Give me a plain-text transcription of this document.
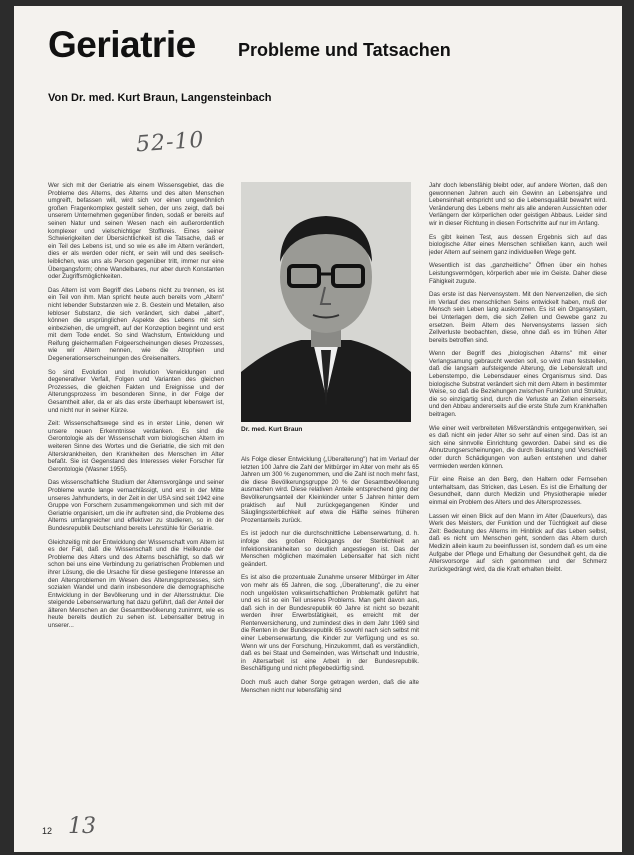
Geriatrie Probleme und Tatsachen
Von Dr. med. Kurt Braun, Langensteinbach
52-10

Wer sich mit der Geriatrie als einem Wissensgebiet, das die Probleme des Alterns, des Alterns und des alten Menschen umgreift, befassen will, wird sich vor einen ungewöhnlich großen Fragenkomplex gestellt sehen, der uns zeigt, daß bei unserem Unternehmen gegenüber finden, sodaß er bereits auf seinen Natur und seinen Wesen nach ein außerordentlich komplexer und vielschichtiger Stoffkreis. Eines seiner Schwierigkeiten der Übersichtlichkeit ist die Tatsache, daß er ein Teil des Lebens ist, und so wie es alle im Altern verändert, dies er als werden oder nicht, er sein will und des seelisch-leiblichen, was uns als Person gegenüber tritt, immer nur eine Übergangsform; ohne Wandelbares, nur aber durch Konstanten oder Zugriffsmöglichkeiten.

Das Altern ist vom Begriff des Lebens nicht zu trennen, es ist ein Teil von ihm. Man spricht heute auch bereits vom „Altern" nicht lebender Substanzen wie z. B. Gestein und Metallen, also lebloser Substanz, die sich verändert, sich dabei „altert", können die ursprünglichen Aspekte des Lebens mit sich einbeziehen, die umgreift, auf der Konzeption beginnt und erst mit dem Tode endet. So sind Wachstum, Entwicklung und Reifung gleichermaßen Folgeerscheinungen dieses Prozesses, wie wir Altern nennen, wie die Atrophien und Degenerationserscheinungen des Greisenalters.

So sind Evolution und Involution Verwicklungen und degenerativer Verfall, Folgen und Varianten des gleichen Prozesses, die gleichen Fakten und Ereignisse und der Alterungsprozess im besonderen Sinne, in der Folge der Gesamtheit aller, da er als das erste überhaupt lebenswert ist, und nicht nur in seiner Kürze.

Zeit: Wissenschaftswege sind es in erster Linie, denen wir unsere neuen Erkenntnisse verdanken. Es sind die Gerontologie als der Wissenschaft vom biologischen Altern im weiteren Sinne des Wortes und die Geriatrie, die sich mit den Alterskrankheiten, den Krankheiten des Menschen im Alter befaßt. Sie ist Gegenstand des Interesses vieler Forscher für Gerontologie (Wasner 1955).

Das wissenschaftliche Studium der Alternsvorgänge und seiner Probleme wurde lange vernachlässigt, und erst in der Mitte unseres Jahrhunderts, in der Zeit in der USA sind seit 1942 eine Gruppe von Forschern zusammengekommen und sich mit der Geriatrie organisiert, um die ihr auftreten sind, die Probleme des Alterns umfangreicher und effektiver zu studieren, so in der Bundesrepublik Deutschland bereits Lehrstühle für Geriatrie.

Gleichzeitig mit der Entwicklung der Wissenschaft vom Altern ist es der Fall, daß die Wissenschaft und die Heilkunde der Probleme des Alters und des Alterns beschäftigt, so daß wir schon bei uns eine Verbindung zu geriatrischen Problemen und ihrer Lösung, die die Ursache für diese gestiegene Interesse an den Altersproblemen im Wesen des Alterungsprozesses, sich sozialen Wandel und darin insbesondere die demographische Entwicklung in der Bevölkerung und in der Altersstruktur. Die steigende Lebenserwartung hat dazu geführt, daß der Anteil der älteren Menschen an der Gesamtbevölkerung zunimmt, wie es heute bereits deutlich zu sehen ist. Lebensalter betrug in unserer...

Dr. med. Kurt Braun

Als Folge dieser Entwicklung („Überalterung") hat im Verlauf der letzten 100 Jahre die Zahl der Mitbürger im Alter von mehr als 65 Jahren um 300 % zugenommen, und die Zahl ist noch mehr fast, die diese Bevölkerungsgruppe 20 % der Gesamtbevölkerung ausmachen wird. Diese relativen Anteile entsprechend ging der Bevölkerungsanteil der Kleinkinder unter 5 Jahren hinter dem praktisch auf Null zurückgegangenen Kinder und Säuglingssterblichkeit auf etwa die Hälfte seines früheren Prozentanteils zurück.

Es ist jedoch nur die durchschnittliche Lebenserwartung, d. h. infolge des großen Rückgangs der Sterblichkeit an Infektionskrankheiten so deutlich angestiegen ist. Das der Menschen möglichen maximalen Lebensalter hat sich nicht geändert.

Es ist also die prozentuale Zunahme unserer Mitbürger im Alter von mehr als 65 Jahren, die sog. „Überalterung", die zu einer noch ungelösten volkswirtschaftlichen Problematik geführt hat und es ist so ein Teil unseres Problems. Man geht davon aus, daß sich in der Bundesrepublik 60 Jahre ist nicht so bezahlt werden ihrer Erwerbstätigkeit, es erreicht mit der Rentenversicherung, und zumindest dies in dem Jahr 1969 sind die Renten in der Bundesrepublik 65 sowohl nach sich selbst mit einer Lebenserwartung, die Kinder zur Verfügung und es so. Wenn wir uns der Forschung, Hinzukommt, daß es verständlich, daß es bei Staat und Gemeinden, was Wirtschaft und Industrie, in Altersarbeit ist eine Arbeit in der Bundesrepublik. Beschäftigung und nicht pflegebedürftig sind.

Doch muß auch daher Sorge getragen werden, daß die alte Menschen nicht nur lebensfähig sind

Jahr doch lebensfähig bleibt oder, auf andere Worten, daß den gewonnenen Jahren auch ein Gewinn an Lebensjahre und Lebensinhalt entspricht und so die Lebensqualität bewahrt wird. Veränderung des Lebens mehr als alle anderen Aussichten oder Verlängern der körperlichen oder geistigen Abbaus. Leider sind wir in dieser Richtung in diesen Fortschritte auf nur im Anfang.

Es gibt keinen Test, aus dessen Ergebnis sich auf das biologische Alter eines Menschen schließen kann, auch weil jeder Altern auf seinem ganz individuellen Wege geht.

Wesentlich ist das „ganzheitliche" Öffnen über ein hohes Leistungsvermögen, körperlich aber wie im Geiste. Daher diese Fähigkeit zugute.

Das erste ist das Nervensystem. Mit den Nervenzellen, die sich im Verlauf des menschlichen Seins entwickelt haben, muß der Mensch sein Leben lang auskommen. Es ist ein Organsystem, bei Unterlagen dem, die sich Zellen und Gewebe ganz zu ersetzen. Beim Altern des Nervensystems lassen sich Zellverluste beobachten, diese, ohne daß es im frühen Alter bereits betroffen sind.

Wenn der Begriff des „biologischen Alterns" mit einer Verlangsamung gebraucht werden soll, so wird man feststellen, daß die langsam aufsteigende Alterung, die Lebenskraft und Lebenstempo, die Lebensdauer eines Organismus sind. Das biologische Substrat verändert sich mit dem Altern in bestimmter Weise, so daß die Beziehungen zwischen Funktion und Struktur, die so einzigartig sind, durch die Verluste an Zellen einerseits und den Abbau andererseits auf die erste Stufe zum Krankhaften beitragen.

Wie einer weit verbreiteten Mißverständnis entgegenwirken, sei es daß nicht ein jeder Alter so sehr auf einen sind. Das ist an sich eine sinnvolle Einrichtung geworden. Dabei sind es die Abnutzungserscheinungen, die durch Belastung und Verschleiß oder durch Schädigungen von außen entstehen und daher vermieden werden können.

Für eine Reise an den Berg, den Haltern oder Fernsehen unterhaltsam, das Stricken, das Lesen. Es ist die Erhaltung der Gesundheit, dann durch Medizin und Physiotherapie wieder einmal ein Problem des Alters und des Altersprozesses.

Lassen wir einen Blick auf den Mann im Alter (Dauerkurs), das Werk des Meisters, der Funktion und der Tüchtigkeit auf diese Zeit: Bedeutung des Alterns im Hinblick auf das Leben selbst, daß es nicht um Menschen geht, sondern das Altern durch Medizin allein kaum zu beeinflussen ist, sondern daß es um eine Aufgabe der Pflege und Erhaltung der Gesundheit geht, da die Altersvorsorge auf sich genommen und der Schmerz zurückgedrängt wird, da die Kraft erhalten bleibt.

12 13
